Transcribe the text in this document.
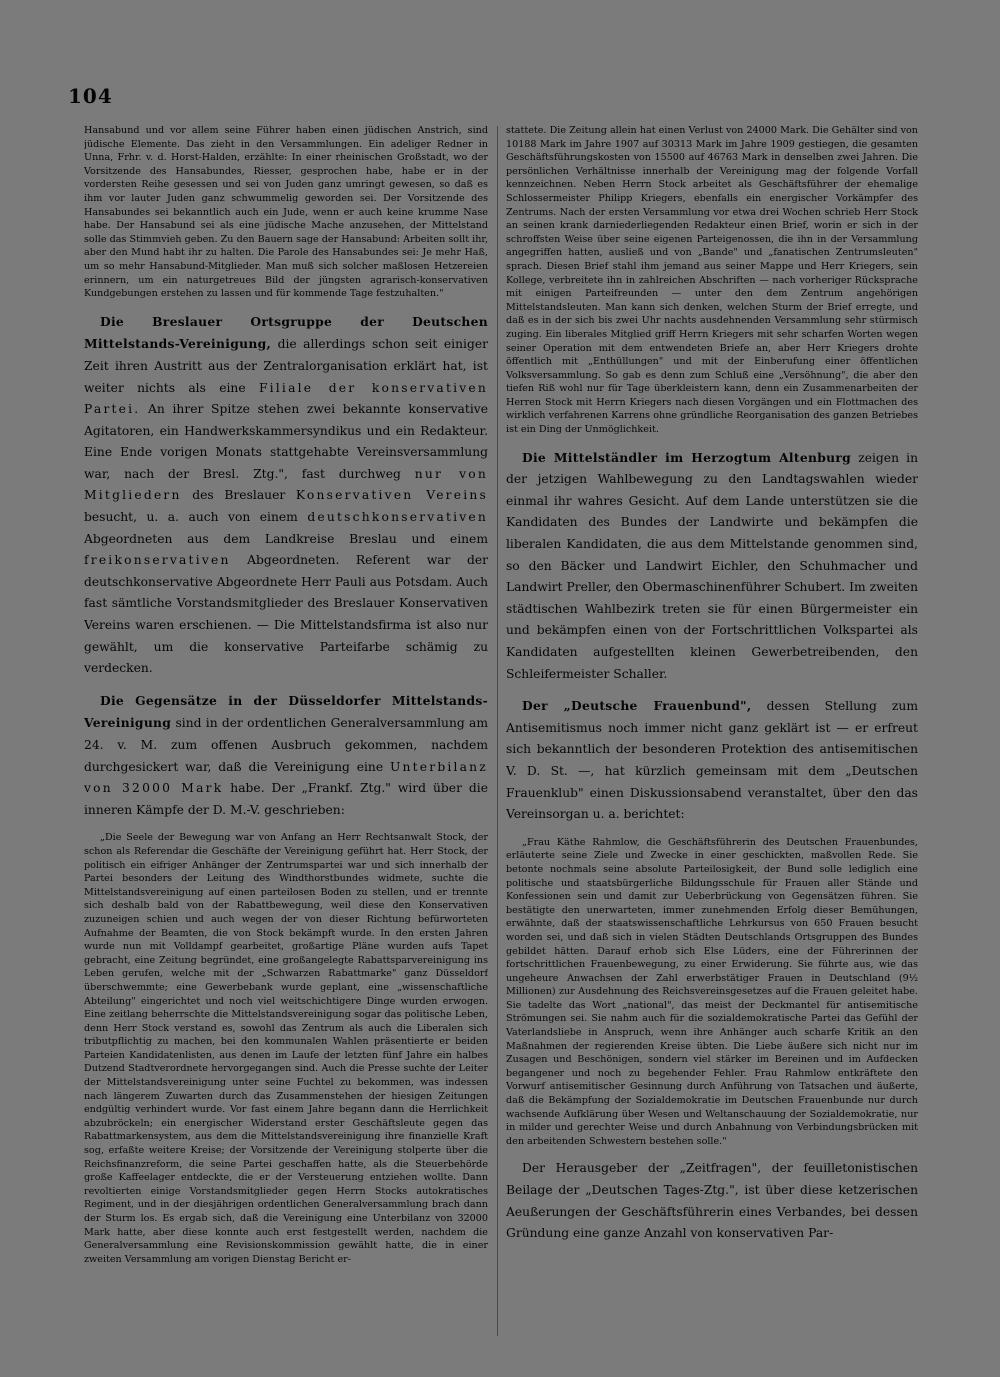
104

Hansabund und vor allem seine Führer haben einen jüdischen Anstrich, sind jüdische Elemente. Das zieht in den Versammlungen. Ein adeliger Redner in Unna, Frhr. v. d. Horst-Halden, erzählte: In einer rheinischen Großstadt, wo der Vorsitzende des Hansabundes, Riesser, gesprochen habe, habe er in der vordersten Reihe gesessen und sei von Juden ganz umringt gewesen, so daß es ihm vor lauter Juden ganz schwummelig geworden sei. Der Vorsitzende des Hansabundes sei bekanntlich auch ein Jude, wenn er auch keine krumme Nase habe. Der Hansabund sei als eine jüdische Mache anzusehen, der Mittelstand solle das Stimmvieh geben. Zu den Bauern sage der Hansabund: Arbeiten sollt ihr, aber den Mund habt ihr zu halten. Die Parole des Hansabundes sei: Je mehr Haß, um so mehr Hansabund-Mitglieder. Man muß sich solcher maßlosen Hetzereien erinnern, um ein naturgetreues Bild der jüngsten agrarisch-konservativen Kundgebungen erstehen zu lassen und für kommende Tage festzuhalten."

Die Breslauer Ortsgruppe der Deutschen Mittelstands-Vereinigung, die allerdings schon seit einiger Zeit ihren Austritt aus der Zentralorganisation erklärt hat, ist weiter nichts als eine Filiale der konservativen Partei. An ihrer Spitze stehen zwei bekannte konservative Agitatoren, ein Handwerkskammersyndikus und ein Redakteur. Eine Ende vorigen Monats stattgehabte Vereinsversammlung war, nach der Bresl. Ztg.", fast durchweg nur von Mitgliedern des Breslauer Konservativen Vereins besucht, u. a. auch von einem deutschkonservativen Abgeordneten aus dem Landkreise Breslau und einem freikonservativen Abgeordneten. Referent war der deutschkonservative Abgeordnete Herr Pauli aus Potsdam. Auch fast sämtliche Vorstandsmitglieder des Breslauer Konservativen Vereins waren erschienen. — Die Mittelstandsfirma ist also nur gewählt, um die konservative Parteifarbe schämig zu verdecken.

Die Gegensätze in der Düsseldorfer Mittelstands-Vereinigung sind in der ordentlichen Generalversammlung am 24. v. M. zum offenen Ausbruch gekommen, nachdem durchgesickert war, daß die Vereinigung eine Unterbilanz von 32000 Mark habe. Der „Frankf. Ztg." wird über die inneren Kämpfe der D. M.-V. geschrieben:

„Die Seele der Bewegung war von Anfang an Herr Rechtsanwalt Stock, der schon als Referendar die Geschäfte der Vereinigung geführt hat. Herr Stock, der politisch ein eifriger Anhänger der Zentrumspartei war und sich innerhalb der Partei besonders der Leitung des Windthorstbundes widmete, suchte die Mittelstandsvereinigung auf einen parteilosen Boden zu stellen, und er trennte sich deshalb bald von der Rabattbewegung, weil diese den Konservativen zuzuneigen schien und auch wegen der von dieser Richtung befürworteten Aufnahme der Beamten, die von Stock bekämpft wurde. In den ersten Jahren wurde nun mit Volldampf gearbeitet, großartige Pläne wurden aufs Tapet gebracht, eine Zeitung begründet, eine großangelegte Rabattsparvereinigung ins Leben gerufen, welche mit der „Schwarzen Rabattmarke" ganz Düsseldorf überschwemmte; eine Gewerbebank wurde geplant, eine „wissenschaftliche Abteilung" eingerichtet und noch viel weitschichtigere Dinge wurden erwogen. Eine zeitlang beherrschte die Mittelstandsvereinigung sogar das politische Leben, denn Herr Stock verstand es, sowohl das Zentrum als auch die Liberalen sich tributpflichtig zu machen, bei den kommunalen Wahlen präsentierte er beiden Parteien Kandidatenlisten, aus denen im Laufe der letzten fünf Jahre ein halbes Dutzend Stadtverordnete hervorgegangen sind. Auch die Presse suchte der Leiter der Mittelstandsvereinigung unter seine Fuchtel zu bekommen, was indessen nach längerem Zuwarten durch das Zusammenstehen der hiesigen Zeitungen endgültig verhindert wurde. Vor fast einem Jahre begann dann die Herrlichkeit abzubröckeln; ein energischer Widerstand erster Geschäftsleute gegen das Rabattmarkensystem, aus dem die Mittelstandsvereinigung ihre finanzielle Kraft sog, erfaßte weitere Kreise; der Vorsitzende der Vereinigung stolperte über die Reichsfinanzreform, die seine Partei geschaffen hatte, als die Steuerbehörde große Kaffeelager entdeckte, die er der Versteuerung entziehen wollte. Dann revoltierten einige Vorstandsmitglieder gegen Herrn Stocks autokratisches Regiment, und in der diesjährigen ordentlichen Generalversammlung brach dann der Sturm los. Es ergab sich, daß die Vereinigung eine Unterbilanz von 32000 Mark hatte, aber diese konnte auch erst festgestellt werden, nachdem die Generalversammlung eine Revisionskommission gewählt hatte, die in einer zweiten Versammlung am vorigen Dienstag Bericht er-

stattete. Die Zeitung allein hat einen Verlust von 24000 Mark. Die Gehälter sind von 10188 Mark im Jahre 1907 auf 30313 Mark im Jahre 1909 gestiegen, die gesamten Geschäftsführungskosten von 15500 auf 46763 Mark in denselben zwei Jahren. Die persönlichen Verhältnisse innerhalb der Vereinigung mag der folgende Vorfall kennzeichnen. Neben Herrn Stock arbeitet als Geschäftsführer der ehemalige Schlossermeister Philipp Kriegers, ebenfalls ein energischer Vorkämpfer des Zentrums. Nach der ersten Versammlung vor etwa drei Wochen schrieb Herr Stock an seinen krank darniederliegenden Redakteur einen Brief, worin er sich in der schroffsten Weise über seine eigenen Parteigenossen, die ihn in der Versammlung angegriffen hatten, ausließ und von „Bande" und „fanatischen Zentrumsleuten" sprach. Diesen Brief stahl ihm jemand aus seiner Mappe und Herr Kriegers, sein Kollege, verbreitete ihn in zahlreichen Abschriften — nach vorheriger Rücksprache mit einigen Parteifreunden — unter den dem Zentrum angehörigen Mittelstandsleuten. Man kann sich denken, welchen Sturm der Brief erregte, und daß es in der sich bis zwei Uhr nachts ausdehnenden Versammlung sehr stürmisch zuging. Ein liberales Mitglied griff Herrn Kriegers mit sehr scharfen Worten wegen seiner Operation mit dem entwendeten Briefe an, aber Herr Kriegers drohte öffentlich mit „Enthüllungen" und mit der Einberufung einer öffentlichen Volksversammlung. So gab es denn zum Schluß eine „Versöhnung", die aber den tiefen Riß wohl nur für Tage überkleistern kann, denn ein Zusammenarbeiten der Herren Stock mit Herrn Kriegers nach diesen Vorgängen und ein Flottmachen des wirklich verfahrenen Karrens ohne gründliche Reorganisation des ganzen Betriebes ist ein Ding der Unmöglichkeit.

Die Mittelständler im Herzogtum Altenburg zeigen in der jetzigen Wahlbewegung zu den Landtagswahlen wieder einmal ihr wahres Gesicht. Auf dem Lande unterstützen sie die Kandidaten des Bundes der Landwirte und bekämpfen die liberalen Kandidaten, die aus dem Mittelstande genommen sind, so den Bäcker und Landwirt Eichler, den Schuhmacher und Landwirt Preller, den Obermaschinenführer Schubert. Im zweiten städtischen Wahlbezirk treten sie für einen Bürgermeister ein und bekämpfen einen von der Fortschrittlichen Volkspartei als Kandidaten aufgestellten kleinen Gewerbetreibenden, den Schleifermeister Schaller.

Der „Deutsche Frauenbund", dessen Stellung zum Antisemitismus noch immer nicht ganz geklärt ist — er erfreut sich bekanntlich der besonderen Protektion des antisemitischen V. D. St. —, hat kürzlich gemeinsam mit dem „Deutschen Frauenklub" einen Diskussionsabend veranstaltet, über den das Vereinsorgan u. a. berichtet:

„Frau Käthe Rahmlow, die Geschäftsführerin des Deutschen Frauenbundes, erläuterte seine Ziele und Zwecke in einer geschickten, maßvollen Rede. Sie betonte nochmals seine absolute Parteilosigkeit, der Bund solle lediglich eine politische und staatsbürgerliche Bildungsschule für Frauen aller Stände und Konfessionen sein und damit zur Ueberbrückung von Gegensätzen führen. Sie bestätigte den unerwarteten, immer zunehmenden Erfolg dieser Bemühungen, erwähnte, daß der staatswissenschaftliche Lehrkursus von 650 Frauen besucht worden sei, und daß sich in vielen Städten Deutschlands Ortsgruppen des Bundes gebildet hätten. Darauf erhob sich Else Lüders, eine der Führerinnen der fortschrittlichen Frauenbewegung, zu einer Erwiderung. Sie führte aus, wie das ungeheure Anwachsen der Zahl erwerbstätiger Frauen in Deutschland (9½ Millionen) zur Ausdehnung des Reichsvereinsgesetzes auf die Frauen geleitet habe. Sie tadelte das Wort „national", das meist der Deckmantel für antisemitische Strömungen sei. Sie nahm auch für die sozialdemokratische Partei das Gefühl der Vaterlandsliebe in Anspruch, wenn ihre Anhänger auch scharfe Kritik an den Maßnahmen der regierenden Kreise übten. Die Liebe äußere sich nicht nur im Zusagen und Beschönigen, sondern viel stärker im Bereinen und im Aufdecken begangener und noch zu begehender Fehler. Frau Rahmlow entkräftete den Vorwurf antisemitischer Gesinnung durch Anführung von Tatsachen und äußerte, daß die Bekämpfung der Sozialdemokratie im Deutschen Frauenbunde nur durch wachsende Aufklärung über Wesen und Weltanschauung der Sozialdemokratie, nur in milder und gerechter Weise und durch Anbahnung von Verbindungsbrücken mit den arbeitenden Schwestern bestehen solle."

Der Herausgeber der „Zeitfragen", der feuilletonistischen Beilage der „Deutschen Tages-Ztg.", ist über diese ketzerischen Aeußerungen der Geschäftsführerin eines Verbandes, bei dessen Gründung eine ganze Anzahl von konservativen Par-
